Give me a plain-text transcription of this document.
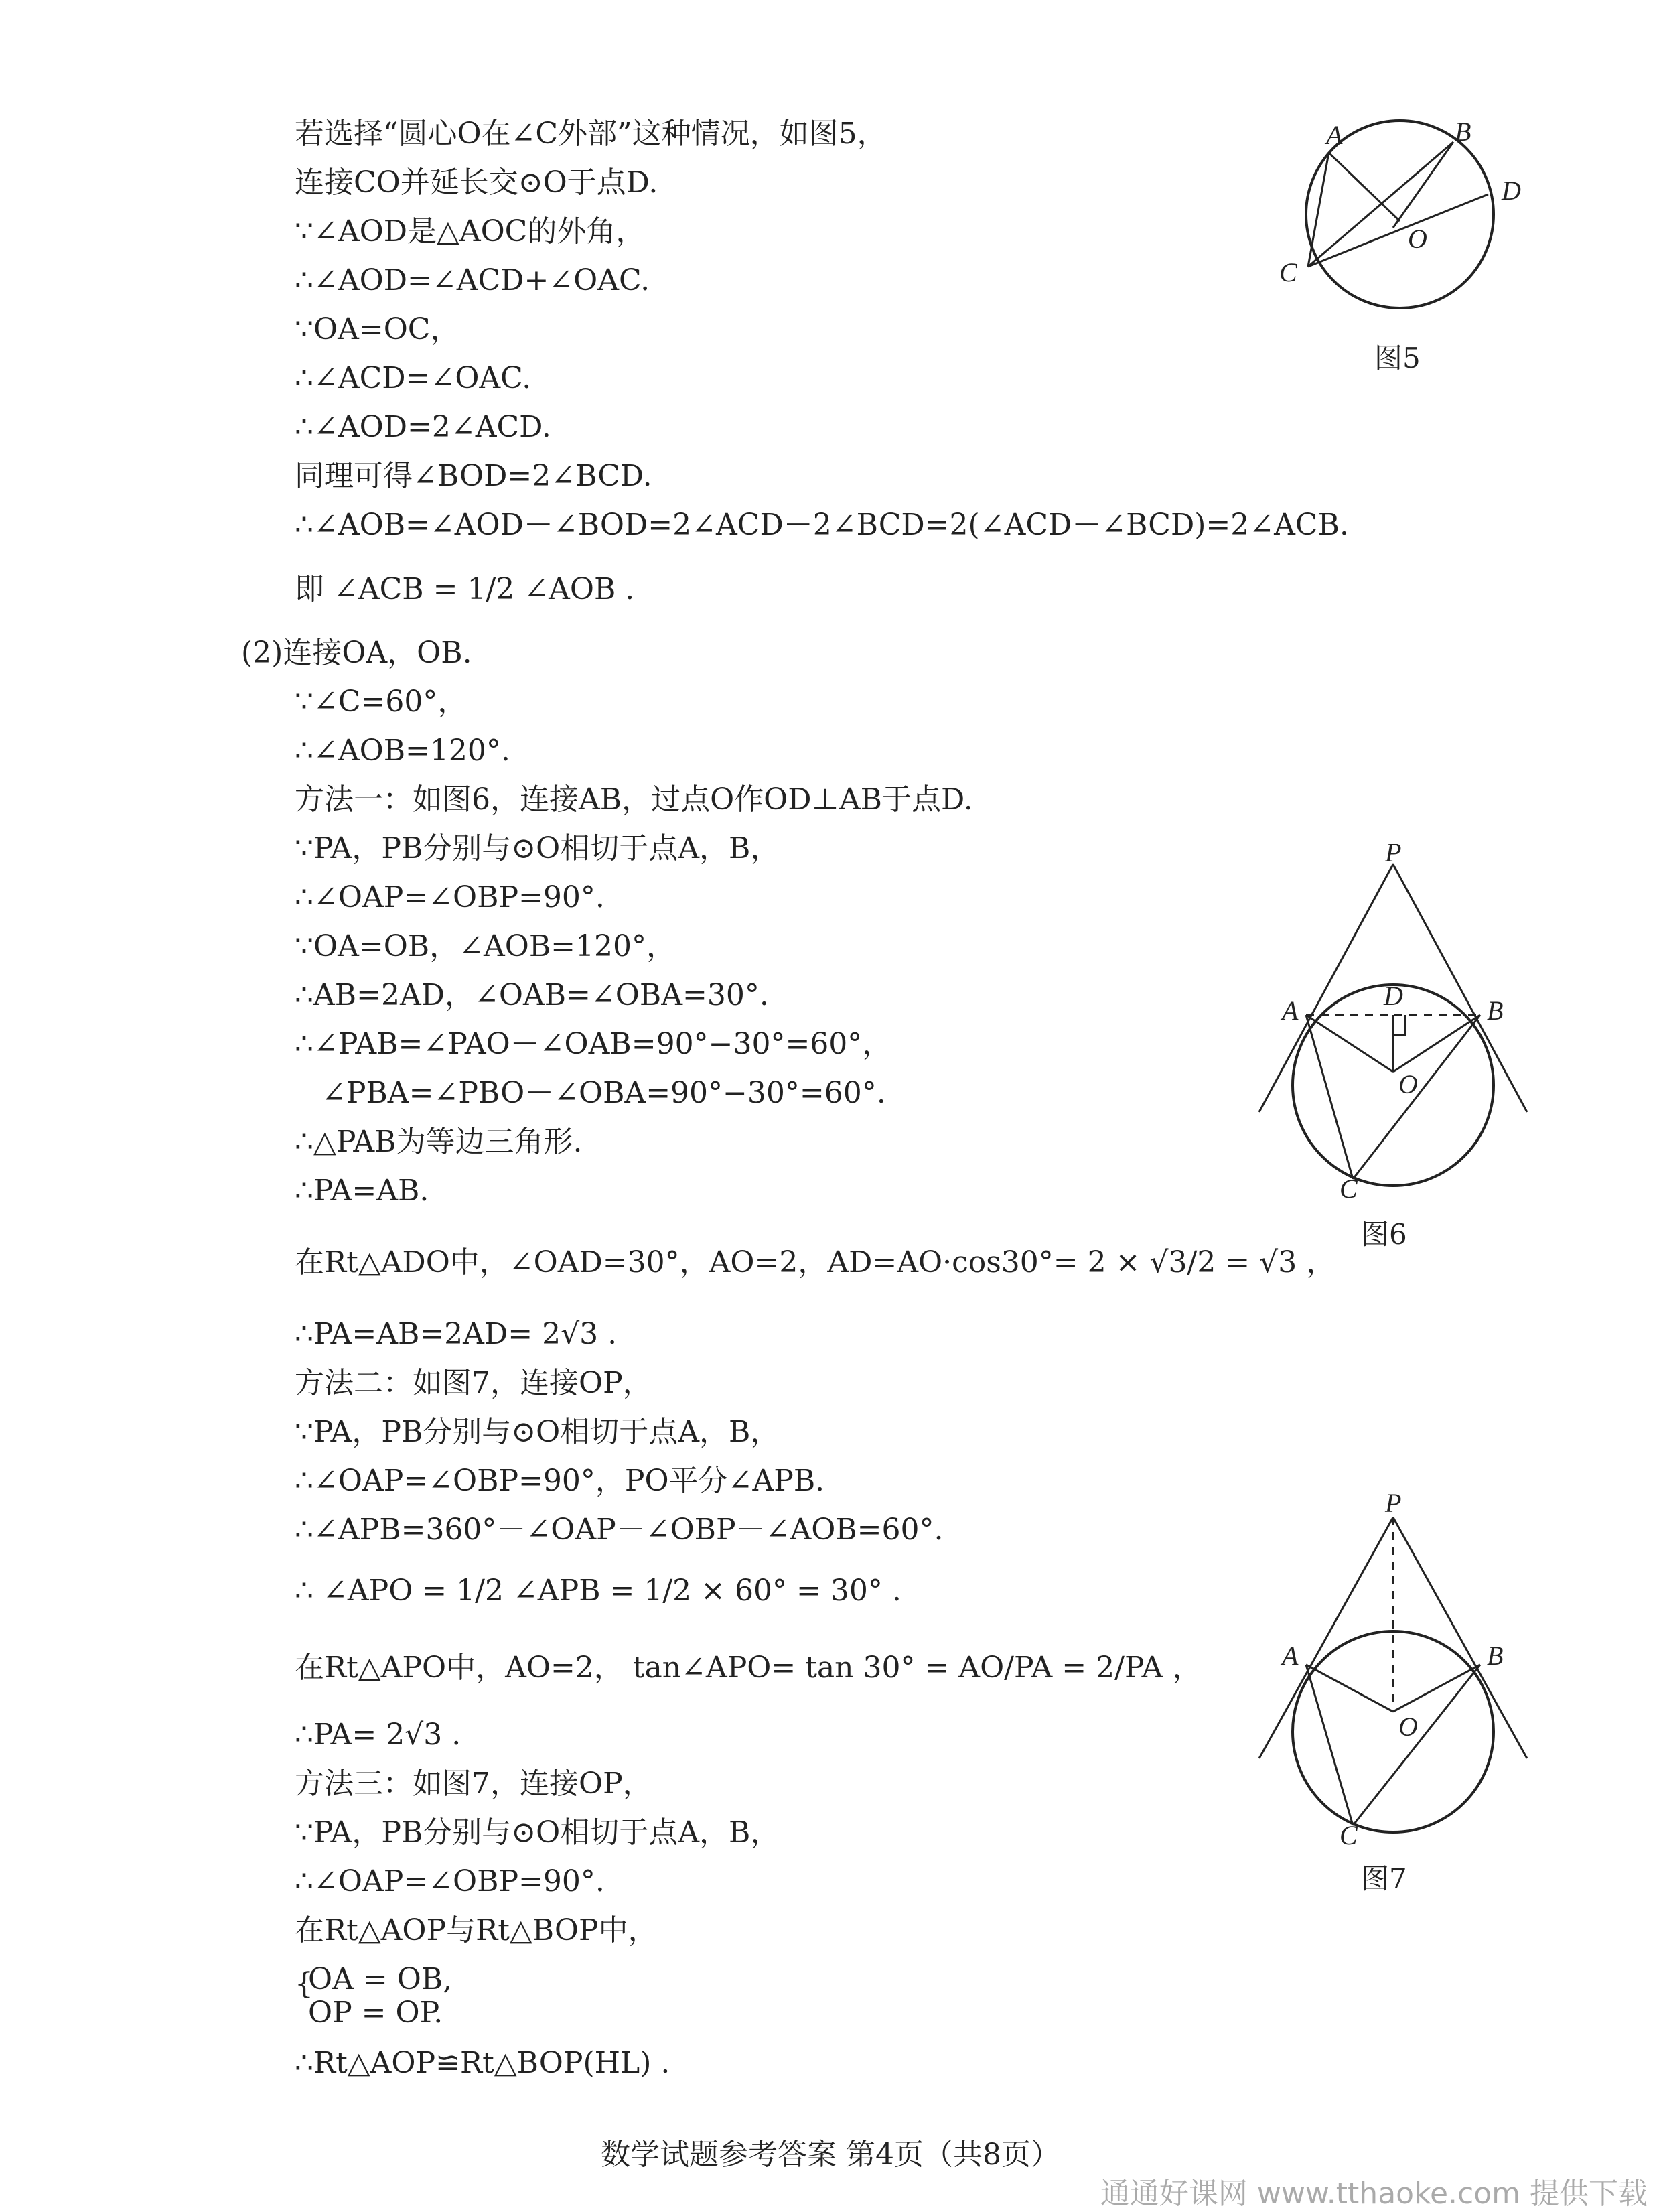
若选择“圆心O在∠C外部”这种情况，如图5，
连接CO并延长交⊙O于点D.
∵∠AOD是△AOC的外角，
∴∠AOD=∠ACD+∠OAC.
∵OA=OC，
∴∠ACD=∠OAC.
∴∠AOD=2∠ACD.
同理可得∠BOD=2∠BCD.
∴∠AOB=∠AOD－∠BOD=2∠ACD－2∠BCD=2(∠ACD－∠BCD)=2∠ACB.
即 ∠ACB = 1/2 ∠AOB .
(2)连接OA，OB.
∵∠C=60°，
∴∠AOB=120°.
方法一：如图6，连接AB，过点O作OD⊥AB于点D.
∵PA，PB分别与⊙O相切于点A，B，
∴∠OAP=∠OBP=90°.
∵OA=OB，∠AOB=120°，
∴AB=2AD，∠OAB=∠OBA=30°.
∴∠PAB=∠PAO－∠OAB=90°−30°=60°，
∠PBA=∠PBO－∠OBA=90°−30°=60°.
∴△PAB为等边三角形.
∴PA=AB.
在Rt△ADO中，∠OAD=30°，AO=2，AD=AO·cos30°= 2 × √3/2 = √3 ，
∴PA=AB=2AD= 2√3 .
方法二：如图7，连接OP，
∵PA，PB分别与⊙O相切于点A，B，
∴∠OAP=∠OBP=90°，PO平分∠APB.
∴∠APB=360°－∠OAP－∠OBP－∠AOB=60°.
∴ ∠APO = 1/2 ∠APB = 1/2 × 60° = 30° .
在Rt△APO中，AO=2， tan∠APO= tan 30° = AO/PA = 2/PA ，
∴PA= 2√3 .
方法三：如图7，连接OP，
∵PA，PB分别与⊙O相切于点A，B，
∴∠OAP=∠OBP=90°.
在Rt△AOP与Rt△BOP中，
{
OA = OB,
OP = OP.
∴Rt△AOP≌Rt△BOP(HL) .
A	B
D
O
C
图5
P
A	D	B
O
C
图6
P
A	B
O
C
图7
数学试题参考答案 第4页（共8页）
通通好课网 www.tthaoke.com 提供下载
